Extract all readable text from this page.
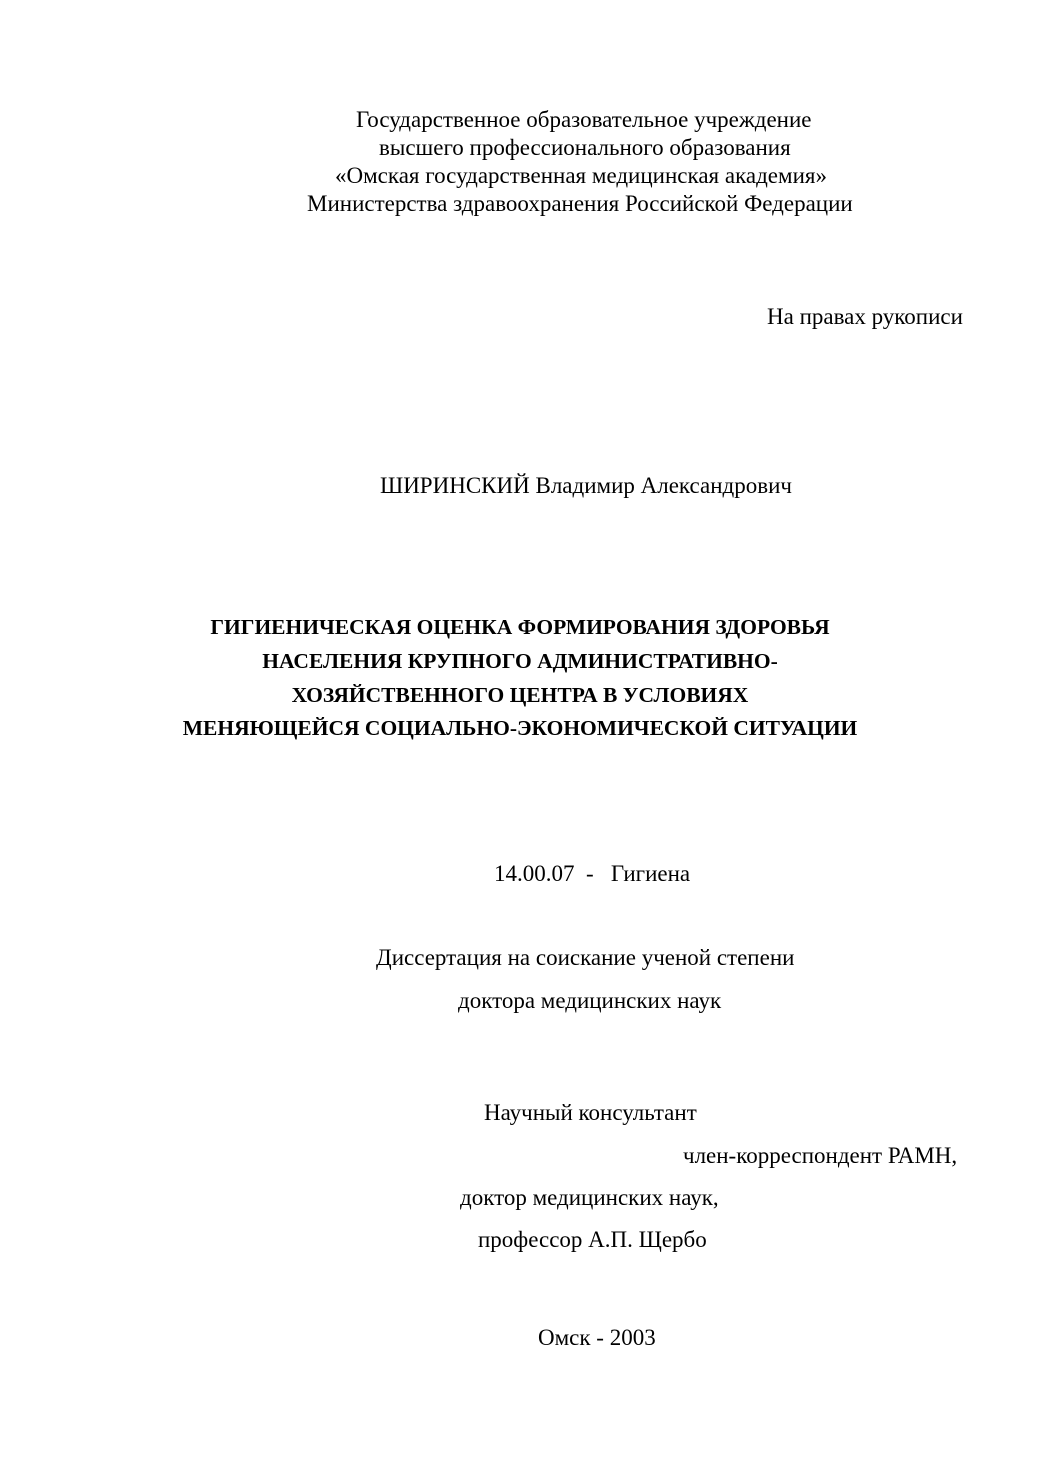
Государственное образовательное учреждение
высшего профессионального образования
«Омская государственная медицинская академия»
Министерства здравоохранения Российской Федерации
На правах рукописи
ШИРИНСКИЙ Владимир Александрович
ГИГИЕНИЧЕСКАЯ ОЦЕНКА ФОРМИРОВАНИЯ ЗДОРОВЬЯ
НАСЕЛЕНИЯ КРУПНОГО АДМИНИСТРАТИВНО-
ХОЗЯЙСТВЕННОГО ЦЕНТРА В УСЛОВИЯХ
МЕНЯЮЩЕЙСЯ СОЦИАЛЬНО-ЭКОНОМИЧЕСКОЙ СИТУАЦИИ
14.00.07  -   Гигиена
Диссертация на соискание ученой степени
доктора медицинских наук
Научный консультант
член-корреспондент РАМН,
доктор медицинских наук,
профессор А.П. Щербо
Омск - 2003
